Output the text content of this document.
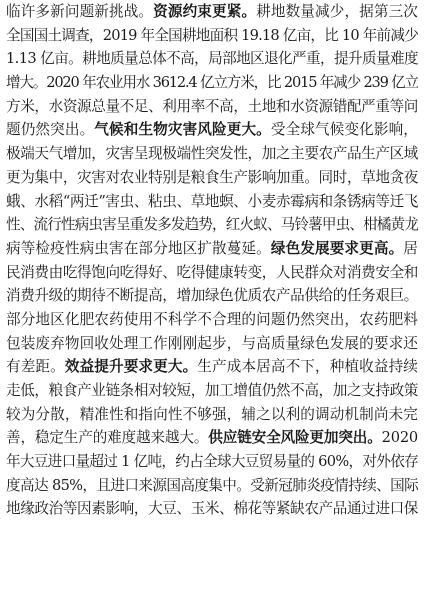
临许多新问题新挑战。资源约束更紧。耕地数量减少，据第三次
全国国土调查，2019 年全国耕地面积 19.18 亿亩，比 10 年前减少
1.13 亿亩。耕地质量总体不高，局部地区退化严重，提升质量难度
增大。2020 年农业用水 3612.4 亿立方米，比 2015 年减少 239 亿立
方米，水资源总量不足、利用率不高，土地和水资源错配严重等问
题仍然突出。气候和生物灾害风险更大。受全球气候变化影响，
极端天气增加，灾害呈现极端性突发性，加之主要农产品生产区域
更为集中，灾害对农业特别是粮食生产影响加重。同时，草地贪夜
蛾、水稻“两迁”害虫、粘虫、草地螟、小麦赤霉病和条锈病等迁飞
性、流行性病虫害呈重发多发趋势，红火蚁、马铃薯甲虫、柑橘黄龙
病等检疫性病虫害在部分地区扩散蔓延。绿色发展要求更高。居
民消费由吃得饱向吃得好、吃得健康转变，人民群众对消费安全和
消费升级的期待不断提高，增加绿色优质农产品供给的任务艰巨。
部分地区化肥农药使用不科学不合理的问题仍然突出，农药肥料
包装废弃物回收处理工作刚刚起步，与高质量绿色发展的要求还
有差距。效益提升要求更大。生产成本居高不下，种植收益持续
走低，粮食产业链条相对较短，加工增值仍然不高，加之支持政策
较为分散，精准性和指向性不够强，辅之以利的调动机制尚未完
善，稳定生产的难度越来越大。供应链安全风险更加突出。2020
年大豆进口量超过 1 亿吨，约占全球大豆贸易量的 60%，对外依存
度高达 85%，且进口来源国高度集中。受新冠肺炎疫情持续、国际
地缘政治等因素影响，大豆、玉米、棉花等紧缺农产品通过进口保
